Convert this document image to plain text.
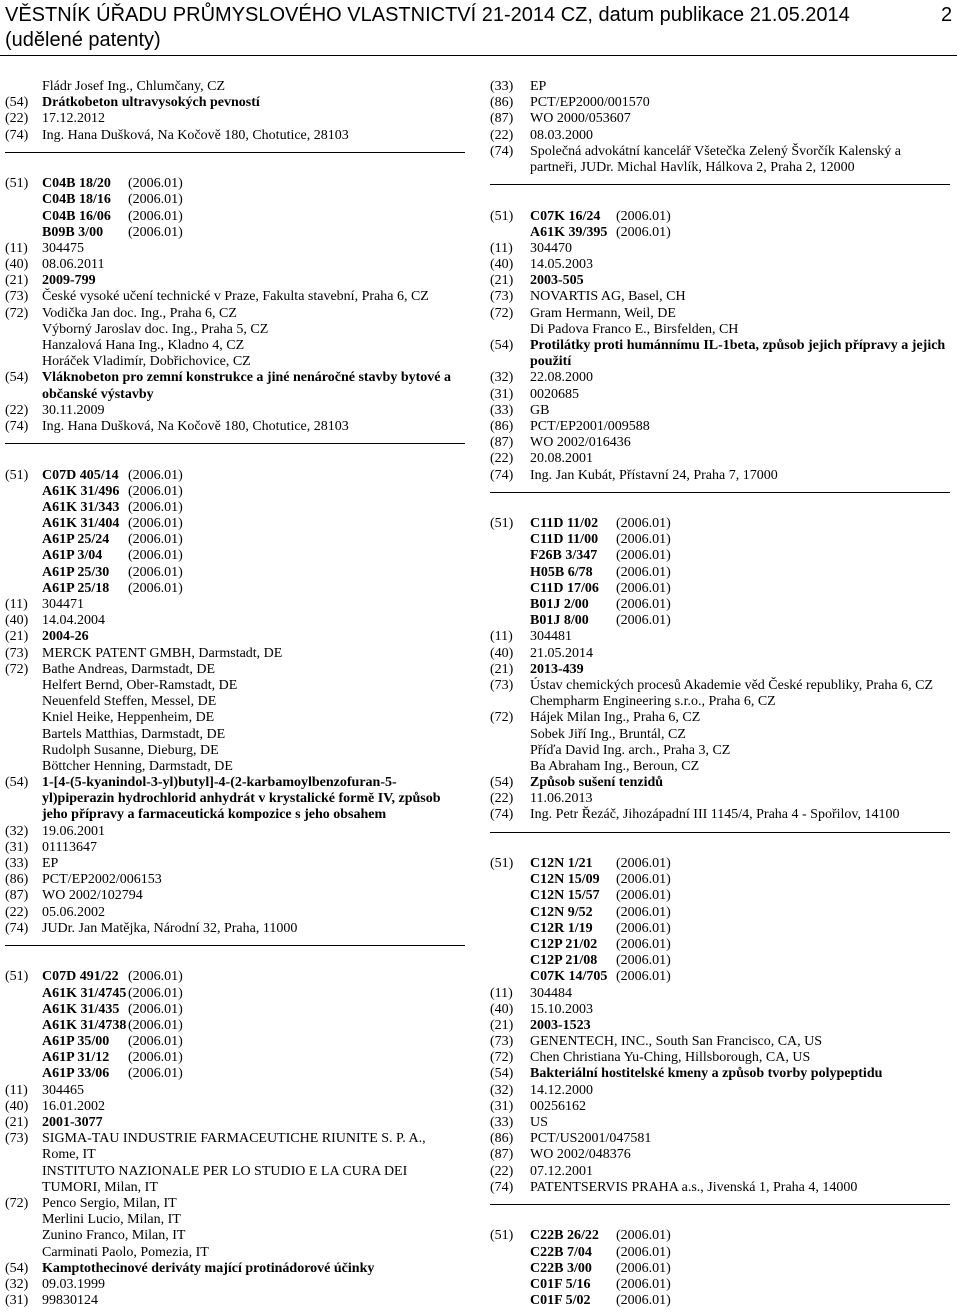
VĚSTNÍK ÚŘADU PRŮMYSLOVÉHO VLASTNICTVÍ 21-2014 CZ, datum publikace 21.05.2014	2
(udělené patenty)
Fládr Josef Ing., Chlumčany, CZ
(54) Drátkobeton ultravysokých pevností
(22) 17.12.2012
(74) Ing. Hana Dušková, Na Kočově 180, Chotutice, 28103
(51) C04B 18/20 (2006.01)
C04B 18/16 (2006.01)
C04B 16/06 (2006.01)
B09B 3/00 (2006.01)
(11) 304475
(40) 08.06.2011
(21) 2009-799
(73) České vysoké učení technické v Praze, Fakulta stavební, Praha 6, CZ
(72) Vodička Jan doc. Ing., Praha 6, CZ
Výborný Jaroslav doc. Ing., Praha 5, CZ
Hanzalová Hana Ing., Kladno 4, CZ
Horáček Vladimír, Dobřichovice, CZ
(54) Vláknobeton pro zemní konstrukce a jiné nenáročné stavby bytové a
občanské výstavby
(22) 30.11.2009
(74) Ing. Hana Dušková, Na Kočově 180, Chotutice, 28103
(51) C07D 405/14 (2006.01)
A61K 31/496 (2006.01)
A61K 31/343 (2006.01)
A61K 31/404 (2006.01)
A61P 25/24 (2006.01)
A61P 3/04 (2006.01)
A61P 25/30 (2006.01)
A61P 25/18 (2006.01)
(11) 304471
(40) 14.04.2004
(21) 2004-26
(73) MERCK PATENT GMBH, Darmstadt, DE
(72) Bathe Andreas, Darmstadt, DE
Helfert Bernd, Ober-Ramstadt, DE
Neuenfeld Steffen, Messel, DE
Kniel Heike, Heppenheim, DE
Bartels Matthias, Darmstadt, DE
Rudolph Susanne, Dieburg, DE
Böttcher Henning, Darmstadt, DE
(54) 1-[4-(5-kyanindol-3-yl)butyl]-4-(2-karbamoylbenzofuran-5-
yl)piperazin hydrochlorid anhydrát v krystalické formě IV, způsob
jeho přípravy a farmaceutická kompozice s jeho obsahem
(32) 19.06.2001
(31) 01113647
(33) EP
(86) PCT/EP2002/006153
(87) WO 2002/102794
(22) 05.06.2002
(74) JUDr. Jan Matějka, Národní 32, Praha, 11000
(51) C07D 491/22 (2006.01)
A61K 31/4745 (2006.01)
A61K 31/435 (2006.01)
A61K 31/4738 (2006.01)
A61P 35/00 (2006.01)
A61P 31/12 (2006.01)
A61P 33/06 (2006.01)
(11) 304465
(40) 16.01.2002
(21) 2001-3077
(73) SIGMA-TAU INDUSTRIE FARMACEUTICHE RIUNITE S. P. A.,
Rome, IT
INSTITUTO NAZIONALE PER LO STUDIO E LA CURA DEI
TUMORI, Milan, IT
(72) Penco Sergio, Milan, IT
Merlini Lucio, Milan, IT
Zunino Franco, Milan, IT
Carminati Paolo, Pomezia, IT
(54) Kamptothecinové deriváty mající protinádorové účinky
(32) 09.03.1999
(31) 99830124
(33) EP
(86) PCT/EP2000/001570
(87) WO 2000/053607
(22) 08.03.2000
(74) Společná advokátní kancelář Všetečka Zelený Švorčík Kalenský a
partneři, JUDr. Michal Havlík, Hálkova 2, Praha 2, 12000
(51) C07K 16/24 (2006.01)
A61K 39/395 (2006.01)
(11) 304470
(40) 14.05.2003
(21) 2003-505
(73) NOVARTIS AG, Basel, CH
(72) Gram Hermann, Weil, DE
Di Padova Franco E., Birsfelden, CH
(54) Protilátky proti humánnímu IL-1beta, způsob jejich přípravy a jejich
použití
(32) 22.08.2000
(31) 0020685
(33) GB
(86) PCT/EP2001/009588
(87) WO 2002/016436
(22) 20.08.2001
(74) Ing. Jan Kubát, Přístavní 24, Praha 7, 17000
(51) C11D 11/02 (2006.01)
C11D 11/00 (2006.01)
F26B 3/347 (2006.01)
H05B 6/78 (2006.01)
C11D 17/06 (2006.01)
B01J 2/00 (2006.01)
B01J 8/00 (2006.01)
(11) 304481
(40) 21.05.2014
(21) 2013-439
(73) Ústav chemických procesů Akademie věd České republiky, Praha 6, CZ
Chempharm Engineering s.r.o., Praha 6, CZ
(72) Hájek Milan Ing., Praha 6, CZ
Sobek Jiří Ing., Bruntál, CZ
Příďa David Ing. arch., Praha 3, CZ
Ba Abraham Ing., Beroun, CZ
(54) Způsob sušení tenzidů
(22) 11.06.2013
(74) Ing. Petr Řezáč, Jihozápadní III 1145/4, Praha 4 - Spořilov, 14100
(51) C12N 1/21 (2006.01)
C12N 15/09 (2006.01)
C12N 15/57 (2006.01)
C12N 9/52 (2006.01)
C12R 1/19 (2006.01)
C12P 21/02 (2006.01)
C12P 21/08 (2006.01)
C07K 14/705 (2006.01)
(11) 304484
(40) 15.10.2003
(21) 2003-1523
(73) GENENTECH, INC., South San Francisco, CA, US
(72) Chen Christiana Yu-Ching, Hillsborough, CA, US
(54) Bakteriální hostitelské kmeny a způsob tvorby polypeptidu
(32) 14.12.2000
(31) 00256162
(33) US
(86) PCT/US2001/047581
(87) WO 2002/048376
(22) 07.12.2001
(74) PATENTSERVIS PRAHA a.s., Jivenská 1, Praha 4, 14000
(51) C22B 26/22 (2006.01)
C22B 7/04 (2006.01)
C22B 3/00 (2006.01)
C01F 5/16 (2006.01)
C01F 5/02 (2006.01)
